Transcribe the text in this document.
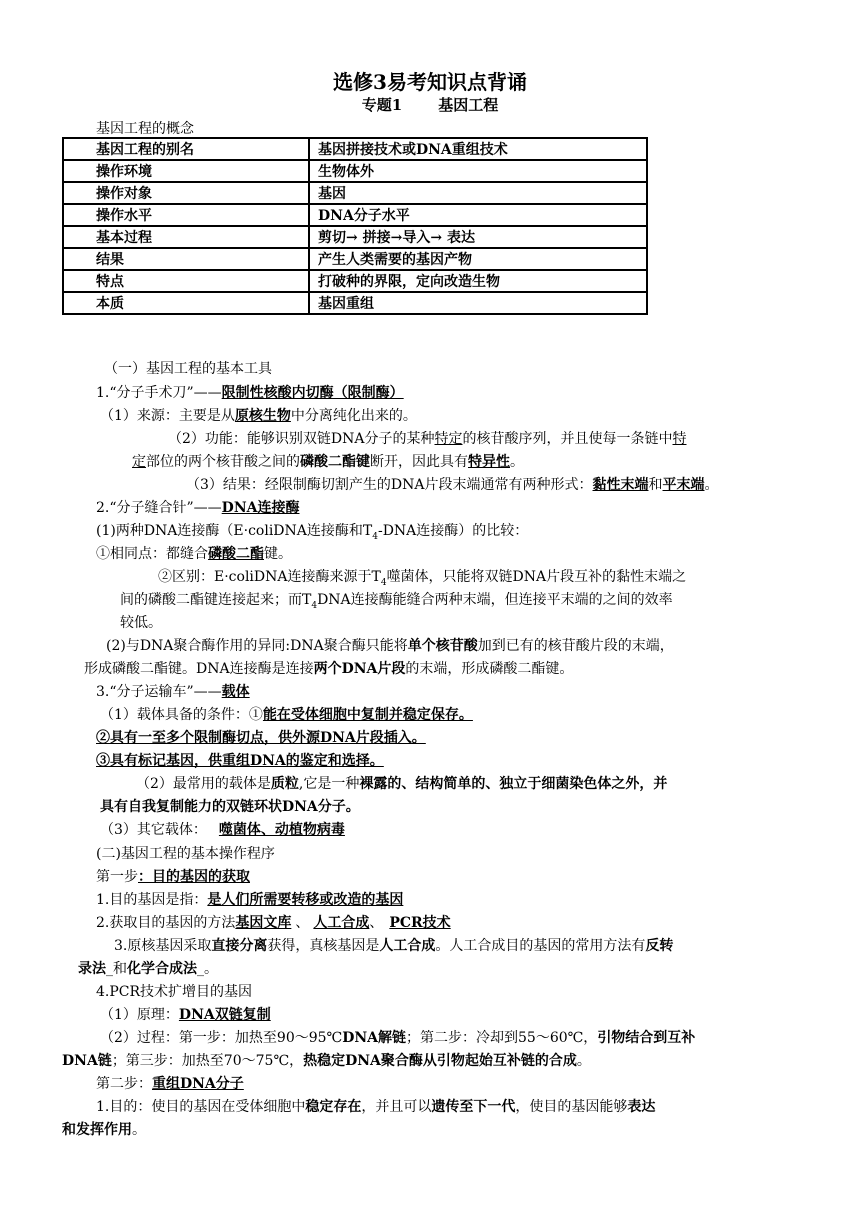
选修3易考知识点背诵
专题1 基因工程
基因工程的概念
基因工程的别名	基因拼接技术或DNA重组技术
操作环境	生物体外
操作对象	基因
操作水平	DNA分子水平
基本过程	剪切→ 拼接→导入→ 表达
结果	产生人类需要的基因产物
特点	打破种的界限，定向改造生物
本质	基因重组
（一）基因工程的基本工具
1.“分子手术刀”——限制性核酸内切酶（限制酶）
（1）来源：主要是从原核生物中分离纯化出来的。
（2）功能：能够识别双链DNA分子的某种特定的核苷酸序列，并且使每一条链中特
定部位的两个核苷酸之间的磷酸二酯键断开，因此具有特异性。
（3）结果：经限制酶切割产生的DNA片段末端通常有两种形式：黏性末端和平末端。
2.“分子缝合针”——DNA连接酶
(1)两种DNA连接酶（E·coliDNA连接酶和$T_4$-DNA连接酶）的比较：
①相同点：都缝合磷酸二酯键。
②区别：E·coliDNA连接酶来源于$T_4$噬菌体，只能将双链DNA片段互补的黏性末端之
间的磷酸二酯键连接起来；而$T_4DNA$连接酶能缝合两种末端，但连接平末端的之间的效率
较低。
(2)与DNA聚合酶作用的异同:DNA聚合酶只能将单个核苷酸加到已有的核苷酸片段的末端，
形成磷酸二酯键。DNA连接酶是连接两个DNA片段的末端，形成磷酸二酯键。
3.“分子运输车”——载体
（1）载体具备的条件：①能在受体细胞中复制并稳定保存。
②具有一至多个限制酶切点，供外源DNA片段插入。
③具有标记基因，供重组DNA的鉴定和选择。
（2）最常用的载体是质粒,它是一种裸露的、结构简单的、独立于细菌染色体之外，并
具有自我复制能力的双链环状DNA分子。
（3）其它载体： 噬菌体、动植物病毒
(二)基因工程的基本操作程序
第一步：目的基因的获取
1.目的基因是指：是人们所需要转移或改造的基因
2.获取目的基因的方法基因文库 、 人工合成、 PCR技术
3.原核基因采取直接分离获得，真核基因是人工合成。人工合成目的基因的常用方法有反转
录法_和化学合成法_。
4.PCR技术扩增目的基因
（1）原理：DNA双链复制
（2）过程：第一步：加热至90～95℃DNA解链；第二步：冷却到55～60℃，引物结合到互补
DNA链；第三步：加热至70～75℃，热稳定DNA聚合酶从引物起始互补链的合成。
第二步：重组DNA分子
1.目的：使目的基因在受体细胞中稳定存在，并且可以遗传至下一代，使目的基因能够表达
和发挥作用。
